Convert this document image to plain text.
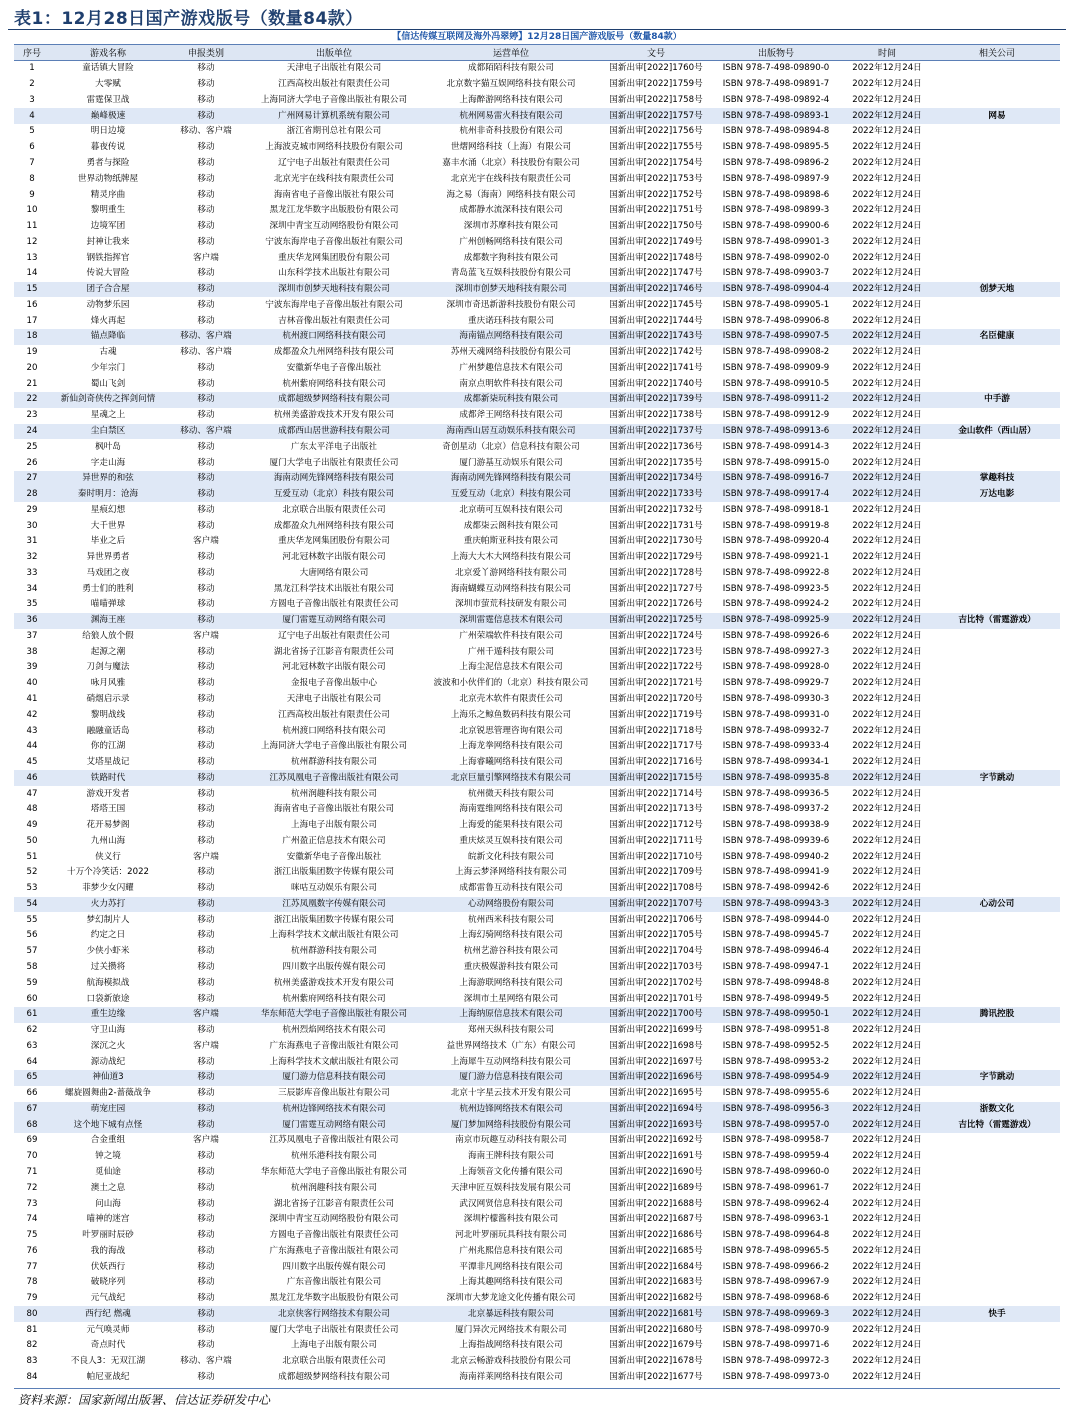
表1：12月28日国产游戏版号（数量84款）
【信达传媒互联网及海外冯翠婷】12月28日国产游戏版号（数量84款）
序号	游戏名称	申报类别	出版单位	运营单位	文号	出版物号	时间	相关公司
1	童话镇大冒险	移动	天津电子出版社有限公司	成都陌陌科技有限公司	国新出审[2022]1760号	ISBN 978-7-498-09890-0	2022年12月24日	
2	大零赋	移动	江西高校出版社有限责任公司	北京数字猫互娱网络科技有限公司	国新出审[2022]1759号	ISBN 978-7-498-09891-7	2022年12月24日	
3	雷霆保卫战	移动	上海同济大学电子音像出版社有限公司	上海醉游网络科技有限公司	国新出审[2022]1758号	ISBN 978-7-498-09892-4	2022年12月24日	
4	巅峰极速	移动	广州网易计算机系统有限公司	杭州网易雷火科技有限公司	国新出审[2022]1757号	ISBN 978-7-498-09893-1	2022年12月24日	网易
5	明日边境	移动、客户端	浙江省期刊总社有限公司	杭州非奇科技股份有限公司	国新出审[2022]1756号	ISBN 978-7-498-09894-8	2022年12月24日	
6	暮夜传说	移动	上海波克城市网络科技股份有限公司	世熠网络科技（上海）有限公司	国新出审[2022]1755号	ISBN 978-7-498-09895-5	2022年12月24日	
7	勇者与探险	移动	辽宁电子出版社有限责任公司	嘉丰水涌（北京）科技股份有限公司	国新出审[2022]1754号	ISBN 978-7-498-09896-2	2022年12月24日	
8	世界动物纸牌屋	移动	北京光宇在线科技有限责任公司	北京光宇在线科技有限责任公司	国新出审[2022]1753号	ISBN 978-7-498-09897-9	2022年12月24日	
9	精灵序曲	移动	海南省电子音像出版社有限公司	海之易（海南）网络科技有限公司	国新出审[2022]1752号	ISBN 978-7-498-09898-6	2022年12月24日	
10	黎明重生	移动	黑龙江龙华数字出版股份有限公司	成都静水流深科技有限公司	国新出审[2022]1751号	ISBN 978-7-498-09899-3	2022年12月24日	
11	边境军团	移动	深圳中青宝互动网络股份有限公司	深圳市苏摩科技有限公司	国新出审[2022]1750号	ISBN 978-7-498-09900-6	2022年12月24日	
12	封神让我来	移动	宁波东海岸电子音像出版社有限公司	广州创畅网络科技有限公司	国新出审[2022]1749号	ISBN 978-7-498-09901-3	2022年12月24日	
13	钢铁指挥官	客户端	重庆华龙网集团股份有限公司	成都数字狗科技有限公司	国新出审[2022]1748号	ISBN 978-7-498-09902-0	2022年12月24日	
14	传说大冒险	移动	山东科学技术出版社有限公司	青岛蓝飞互娱科技股份有限公司	国新出审[2022]1747号	ISBN 978-7-498-09903-7	2022年12月24日	
15	团子合合屋	移动	深圳市创梦天地科技有限公司	深圳市创梦天地科技有限公司	国新出审[2022]1746号	ISBN 978-7-498-09904-4	2022年12月24日	创梦天地
16	动物梦乐园	移动	宁波东海岸电子音像出版社有限公司	深圳市奇迅新游科技股份有限公司	国新出审[2022]1745号	ISBN 978-7-498-09905-1	2022年12月24日	
17	烽火再起	移动	吉林音像出版社有限责任公司	重庆诺珏科技有限公司	国新出审[2022]1744号	ISBN 978-7-498-09906-8	2022年12月24日	
18	锚点降临	移动、客户端	杭州渡口网络科技有限公司	海南锚点网络科技有限公司	国新出审[2022]1743号	ISBN 978-7-498-09907-5	2022年12月24日	名臣健康
19	古魂	移动、客户端	成都盈众九州网络科技有限公司	苏州天魂网络科技股份有限公司	国新出审[2022]1742号	ISBN 978-7-498-09908-2	2022年12月24日	
20	少年宗门	移动	安徽新华电子音像出版社	广州梦趣信息技术有限公司	国新出审[2022]1741号	ISBN 978-7-498-09909-9	2022年12月24日	
21	蜀山飞剑	移动	杭州紫府网络科技有限公司	南京点明软件科技有限公司	国新出审[2022]1740号	ISBN 978-7-498-09910-5	2022年12月24日	
22	新仙剑奇侠传之挥剑问情	移动	成都超级梦网络科技有限公司	成都新柒玩科技有限公司	国新出审[2022]1739号	ISBN 978-7-498-09911-2	2022年12月24日	中手游
23	星魂之上	移动	杭州美盛游戏技术开发有限公司	成都斧王网络科技有限公司	国新出审[2022]1738号	ISBN 978-7-498-09912-9	2022年12月24日	
24	尘白禁区	移动、客户端	成都西山居世游科技有限公司	海南西山居互动娱乐科技有限公司	国新出审[2022]1737号	ISBN 978-7-498-09913-6	2022年12月24日	金山软件（西山居）
25	枫叶岛	移动	广东太平洋电子出版社	奇创星动（北京）信息科技有限公司	国新出审[2022]1736号	ISBN 978-7-498-09914-3	2022年12月24日	
26	字走山海	移动	厦门大学电子出版社有限责任公司	厦门游基互动娱乐有限公司	国新出审[2022]1735号	ISBN 978-7-498-09915-0	2022年12月24日	
27	异世界的和弦	移动	海南动网先锋网络科技有限公司	海南动网先锋网络科技有限公司	国新出审[2022]1734号	ISBN 978-7-498-09916-7	2022年12月24日	掌趣科技
28	秦时明月：沧海	移动	互爱互动（北京）科技有限公司	互爱互动（北京）科技有限公司	国新出审[2022]1733号	ISBN 978-7-498-09917-4	2022年12月24日	万达电影
29	星痕幻想	移动	北京联合出版有限责任公司	北京萌可互娱科技有限公司	国新出审[2022]1732号	ISBN 978-7-498-09918-1	2022年12月24日	
30	大千世界	移动	成都盈众九州网络科技有限公司	成都柒云阁科技有限公司	国新出审[2022]1731号	ISBN 978-7-498-09919-8	2022年12月24日	
31	毕业之后	客户端	重庆华龙网集团股份有限公司	重庆帕斯亚科技有限公司	国新出审[2022]1730号	ISBN 978-7-498-09920-4	2022年12月24日	
32	异世界勇者	移动	河北冠林数字出版有限公司	上海大大木大网络科技有限公司	国新出审[2022]1729号	ISBN 978-7-498-09921-1	2022年12月24日	
33	马戏团之夜	移动	大唐网络有限公司	北京爱丫游网络科技有限公司	国新出审[2022]1728号	ISBN 978-7-498-09922-8	2022年12月24日	
34	勇士们的胜利	移动	黑龙江科学技术出版社有限公司	海南蝴蝶互动网络科技有限公司	国新出审[2022]1727号	ISBN 978-7-498-09923-5	2022年12月24日	
35	喵喵弹球	移动	方圆电子音像出版社有限责任公司	深圳市萤荒科技研发有限公司	国新出审[2022]1726号	ISBN 978-7-498-09924-2	2022年12月24日	
36	渊海王座	移动	厦门雷霆互动网络有限公司	深圳雷霆信息技术有限公司	国新出审[2022]1725号	ISBN 978-7-498-09925-9	2022年12月24日	吉比特（雷霆游戏）
37	给狼人放个假	客户端	辽宁电子出版社有限责任公司	广州荣端软件科技有限公司	国新出审[2022]1724号	ISBN 978-7-498-09926-6	2022年12月24日	
38	起源之潮	移动	湖北省扬子江影音有限责任公司	广州千遁科技有限公司	国新出审[2022]1723号	ISBN 978-7-498-09927-3	2022年12月24日	
39	刀剑与魔法	移动	河北冠林数字出版有限公司	上海尘泥信息技术有限公司	国新出审[2022]1722号	ISBN 978-7-498-09928-0	2022年12月24日	
40	咏月风雅	移动	金报电子音像出版中心	波波和小伙伴们的（北京）科技有限公司	国新出审[2022]1721号	ISBN 978-7-498-09929-7	2022年12月24日	
41	硝烟启示录	移动	天津电子出版社有限公司	北京壳木软件有限责任公司	国新出审[2022]1720号	ISBN 978-7-498-09930-3	2022年12月24日	
42	黎明战线	移动	江西高校出版社有限责任公司	上海乐之鲸鱼数码科技有限公司	国新出审[2022]1719号	ISBN 978-7-498-09931-0	2022年12月24日	
43	融融童话岛	移动	杭州渡口网络科技有限公司	北京锐思管理咨询有限公司	国新出审[2022]1718号	ISBN 978-7-498-09932-7	2022年12月24日	
44	你的江湖	移动	上海同济大学电子音像出版社有限公司	上海龙拳网络科技有限公司	国新出审[2022]1717号	ISBN 978-7-498-09933-4	2022年12月24日	
45	艾塔星战记	移动	杭州群游科技有限公司	上海睿曦网络科技有限公司	国新出审[2022]1716号	ISBN 978-7-498-09934-1	2022年12月24日	
46	铁路时代	移动	江苏凤凰电子音像出版社有限公司	北京巨量引擎网络技术有限公司	国新出审[2022]1715号	ISBN 978-7-498-09935-8	2022年12月24日	字节跳动
47	游戏开发者	移动	杭州润趣科技有限公司	杭州微天科技有限公司	国新出审[2022]1714号	ISBN 978-7-498-09936-5	2022年12月24日	
48	塔塔王国	移动	海南省电子音像出版社有限公司	海南霆维网络科技有限公司	国新出审[2022]1713号	ISBN 978-7-498-09937-2	2022年12月24日	
49	花开易梦阁	移动	上海电子出版有限公司	上海爱的能果科技有限公司	国新出审[2022]1712号	ISBN 978-7-498-09938-9	2022年12月24日	
50	九州山海	移动	广州盈正信息技术有限公司	重庆炫灵互娱科技有限公司	国新出审[2022]1711号	ISBN 978-7-498-09939-6	2022年12月24日	
51	侠义行	客户端	安徽新华电子音像出版社	皖新文化科技有限公司	国新出审[2022]1710号	ISBN 978-7-498-09940-2	2022年12月24日	
52	十万个冷笑话：2022	移动	浙江出版集团数字传媒有限公司	上海云梦泽网络科技有限公司	国新出审[2022]1709号	ISBN 978-7-498-09941-9	2022年12月24日	
53	菲梦少女闪耀	移动	咪咕互动娱乐有限公司	成都雷鲁互动科技有限公司	国新出审[2022]1708号	ISBN 978-7-498-09942-6	2022年12月24日	
54	火力苏打	移动	江苏凤凰数字传媒有限公司	心动网络股份有限公司	国新出审[2022]1707号	ISBN 978-7-498-09943-3	2022年12月24日	心动公司
55	梦幻制片人	移动	浙江出版集团数字传媒有限公司	杭州西米科技有限公司	国新出审[2022]1706号	ISBN 978-7-498-09944-0	2022年12月24日	
56	约定之日	移动	上海科学技术文献出版社有限公司	上海幻骑网络科技有限公司	国新出审[2022]1705号	ISBN 978-7-498-09945-7	2022年12月24日	
57	少侠小虾米	移动	杭州群游科技有限公司	杭州艺游谷科技有限公司	国新出审[2022]1704号	ISBN 978-7-498-09946-4	2022年12月24日	
58	过关攒将	移动	四川数字出版传媒有限公司	重庆极媒游科技有限公司	国新出审[2022]1703号	ISBN 978-7-498-09947-1	2022年12月24日	
59	航海模拟战	移动	杭州美盛游戏技术开发有限公司	上海游联网络科技有限公司	国新出审[2022]1702号	ISBN 978-7-498-09948-8	2022年12月24日	
60	口袋新旅途	移动	杭州紫府网络科技有限公司	深圳市土星网络有限公司	国新出审[2022]1701号	ISBN 978-7-498-09949-5	2022年12月24日	
61	重生边缘	客户端	华东师范大学电子音像出版社有限公司	上海纳原信息技术有限公司	国新出审[2022]1700号	ISBN 978-7-498-09950-1	2022年12月24日	腾讯控股
62	守卫山海	移动	杭州烈焰网络技术有限公司	郑州天纵科技有限公司	国新出审[2022]1699号	ISBN 978-7-498-09951-8	2022年12月24日	
63	深沉之火	客户端	广东海燕电子音像出版社有限公司	益世界网络技术（广东）有限公司	国新出审[2022]1698号	ISBN 978-7-498-09952-5	2022年12月24日	
64	源动战纪	移动	上海科学技术文献出版社有限公司	上海犀牛互动网络科技有限公司	国新出审[2022]1697号	ISBN 978-7-498-09953-2	2022年12月24日	
65	神仙道3	移动	厦门游力信息科技有限公司	厦门游力信息科技有限公司	国新出审[2022]1696号	ISBN 978-7-498-09954-9	2022年12月24日	字节跳动
66	螺旋圆舞曲2-蔷薇战争	移动	三辰影库音像出版社有限公司	北京十字星云技术开发有限公司	国新出审[2022]1695号	ISBN 978-7-498-09955-6	2022年12月24日	
67	萌宠庄园	移动	杭州边锋网络技术有限公司	杭州边锋网络技术有限公司	国新出审[2022]1694号	ISBN 978-7-498-09956-3	2022年12月24日	浙数文化
68	这个地下城有点怪	移动	厦门雷霆互动网络有限公司	厦门梦加网络科技股份有限公司	国新出审[2022]1693号	ISBN 978-7-498-09957-0	2022年12月24日	吉比特（雷霆游戏）
69	合金重组	客户端	江苏凤凰电子音像出版社有限公司	南京市玩趣互动科技有限公司	国新出审[2022]1692号	ISBN 978-7-498-09958-7	2022年12月24日	
70	钟之境	移动	杭州乐港科技有限公司	海南王牌科技有限公司	国新出审[2022]1691号	ISBN 978-7-498-09959-4	2022年12月24日	
71	觅仙途	移动	华东师范大学电子音像出版社有限公司	上海领音文化传播有限公司	国新出审[2022]1690号	ISBN 978-7-498-09960-0	2022年12月24日	
72	澳土之息	移动	杭州润趣科技有限公司	天津申匠互娱科技发展有限公司	国新出审[2022]1689号	ISBN 978-7-498-09961-7	2022年12月24日	
73	问山海	移动	湖北省扬子江影音有限责任公司	武汉网贤信息科技有限公司	国新出审[2022]1688号	ISBN 978-7-498-09962-4	2022年12月24日	
74	喵神的迷宫	移动	深圳中青宝互动网络股份有限公司	深圳柠檬酱科技有限公司	国新出审[2022]1687号	ISBN 978-7-498-09963-1	2022年12月24日	
75	叶罗丽时辰砂	移动	方圆电子音像出版社有限责任公司	河北叶罗丽玩具科技有限公司	国新出审[2022]1686号	ISBN 978-7-498-09964-8	2022年12月24日	
76	我的海战	移动	广东海燕电子音像出版社有限公司	广州兆熙信息科技有限公司	国新出审[2022]1685号	ISBN 978-7-498-09965-5	2022年12月24日	
77	伏妖西行	移动	四川数字出版传媒有限公司	平潭非凡网络科技有限公司	国新出审[2022]1684号	ISBN 978-7-498-09966-2	2022年12月24日	
78	破晓序列	移动	广东音像出版社有限公司	上海其趣网络科技有限公司	国新出审[2022]1683号	ISBN 978-7-498-09967-9	2022年12月24日	
79	元气战纪	移动	黑龙江龙华数字出版股份有限公司	深圳市大梦龙途文化传播有限公司	国新出审[2022]1682号	ISBN 978-7-498-09968-6	2022年12月24日	
80	西行纪 燃魂	移动	北京侠客行网络技术有限公司	北京暴远科技有限公司	国新出审[2022]1681号	ISBN 978-7-498-09969-3	2022年12月24日	快手
81	元气唤灵师	移动	厦门大学电子出版社有限责任公司	厦门异次元网络技术有限公司	国新出审[2022]1680号	ISBN 978-7-498-09970-9	2022年12月24日	
82	奇点时代	移动	上海电子出版有限公司	上海指战网络科技有限公司	国新出审[2022]1679号	ISBN 978-7-498-09971-6	2022年12月24日	
83	不良人3：无双江湖	移动、客户端	北京联合出版有限责任公司	北京云畅游戏科技股份有限公司	国新出审[2022]1678号	ISBN 978-7-498-09972-3	2022年12月24日	
84	帕尼亚战纪	移动	成都超级梦网络科技有限公司	海南祥莱网络科技有限公司	国新出审[2022]1677号	ISBN 978-7-498-09973-0	2022年12月24日	
资料来源：国家新闻出版署、信达证券研发中心
